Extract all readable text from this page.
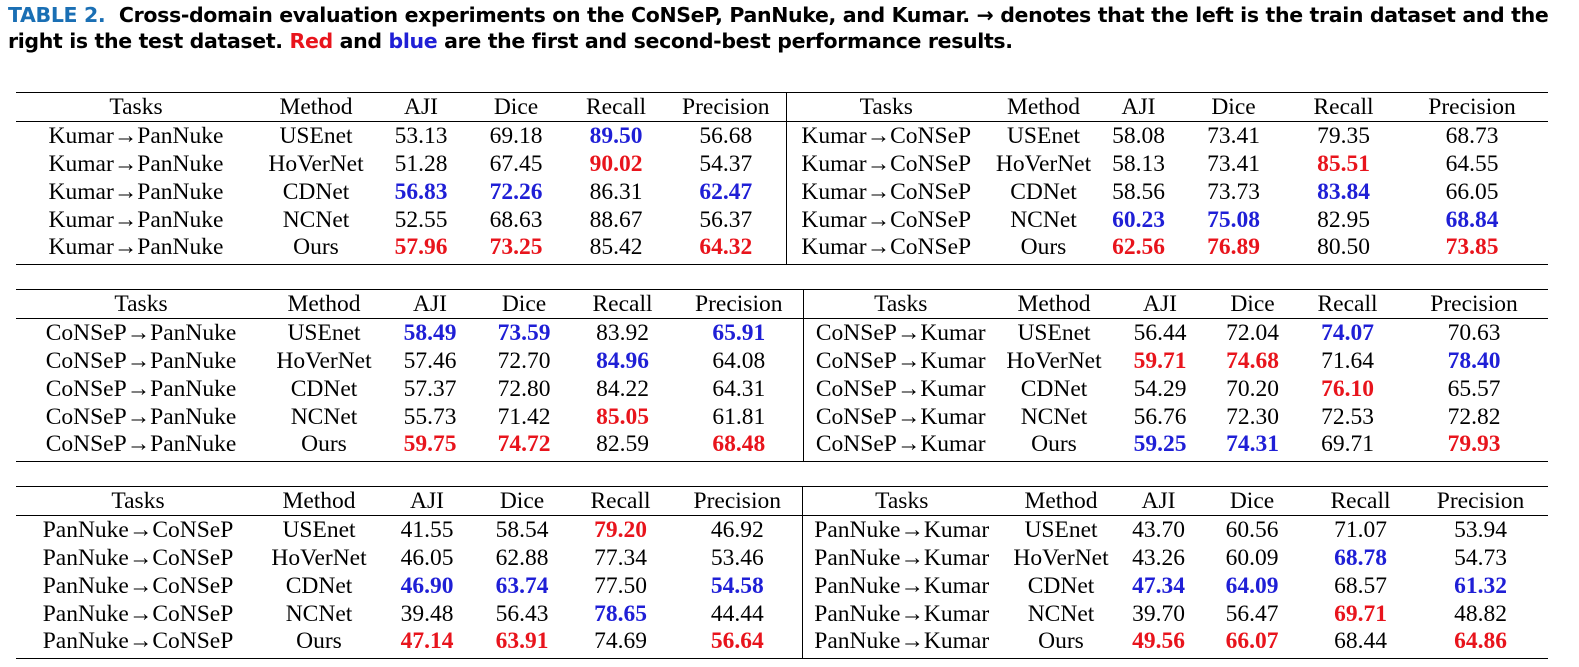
TABLE 2. Cross-domain evaluation experiments on the CoNSeP, PanNuke, and Kumar. → denotes that the left is the train dataset and the right is the test dataset. Red and blue are the first and second-best performance results.
Tasks	Method	AJI	Dice	Recall	Precision	Tasks	Method	AJI	Dice	Recall	Precision
Kumar→PanNuke	USEnet	53.13	69.18	89.50	56.68	Kumar→CoNSeP	USEnet	58.08	73.41	79.35	68.73
Kumar→PanNuke	HoVerNet	51.28	67.45	90.02	54.37	Kumar→CoNSeP	HoVerNet	58.13	73.41	85.51	64.55
Kumar→PanNuke	CDNet	56.83	72.26	86.31	62.47	Kumar→CoNSeP	CDNet	58.56	73.73	83.84	66.05
Kumar→PanNuke	NCNet	52.55	68.63	88.67	56.37	Kumar→CoNSeP	NCNet	60.23	75.08	82.95	68.84
Kumar→PanNuke	Ours	57.96	73.25	85.42	64.32	Kumar→CoNSeP	Ours	62.56	76.89	80.50	73.85
Tasks	Method	AJI	Dice	Recall	Precision	Tasks	Method	AJI	Dice	Recall	Precision
CoNSeP→PanNuke	USEnet	58.49	73.59	83.92	65.91	CoNSeP→Kumar	USEnet	56.44	72.04	74.07	70.63
CoNSeP→PanNuke	HoVerNet	57.46	72.70	84.96	64.08	CoNSeP→Kumar	HoVerNet	59.71	74.68	71.64	78.40
CoNSeP→PanNuke	CDNet	57.37	72.80	84.22	64.31	CoNSeP→Kumar	CDNet	54.29	70.20	76.10	65.57
CoNSeP→PanNuke	NCNet	55.73	71.42	85.05	61.81	CoNSeP→Kumar	NCNet	56.76	72.30	72.53	72.82
CoNSeP→PanNuke	Ours	59.75	74.72	82.59	68.48	CoNSeP→Kumar	Ours	59.25	74.31	69.71	79.93
Tasks	Method	AJI	Dice	Recall	Precision	Tasks	Method	AJI	Dice	Recall	Precision
PanNuke→CoNSeP	USEnet	41.55	58.54	79.20	46.92	PanNuke→Kumar	USEnet	43.70	60.56	71.07	53.94
PanNuke→CoNSeP	HoVerNet	46.05	62.88	77.34	53.46	PanNuke→Kumar	HoVerNet	43.26	60.09	68.78	54.73
PanNuke→CoNSeP	CDNet	46.90	63.74	77.50	54.58	PanNuke→Kumar	CDNet	47.34	64.09	68.57	61.32
PanNuke→CoNSeP	NCNet	39.48	56.43	78.65	44.44	PanNuke→Kumar	NCNet	39.70	56.47	69.71	48.82
PanNuke→CoNSeP	Ours	47.14	63.91	74.69	56.64	PanNuke→Kumar	Ours	49.56	66.07	68.44	64.86
